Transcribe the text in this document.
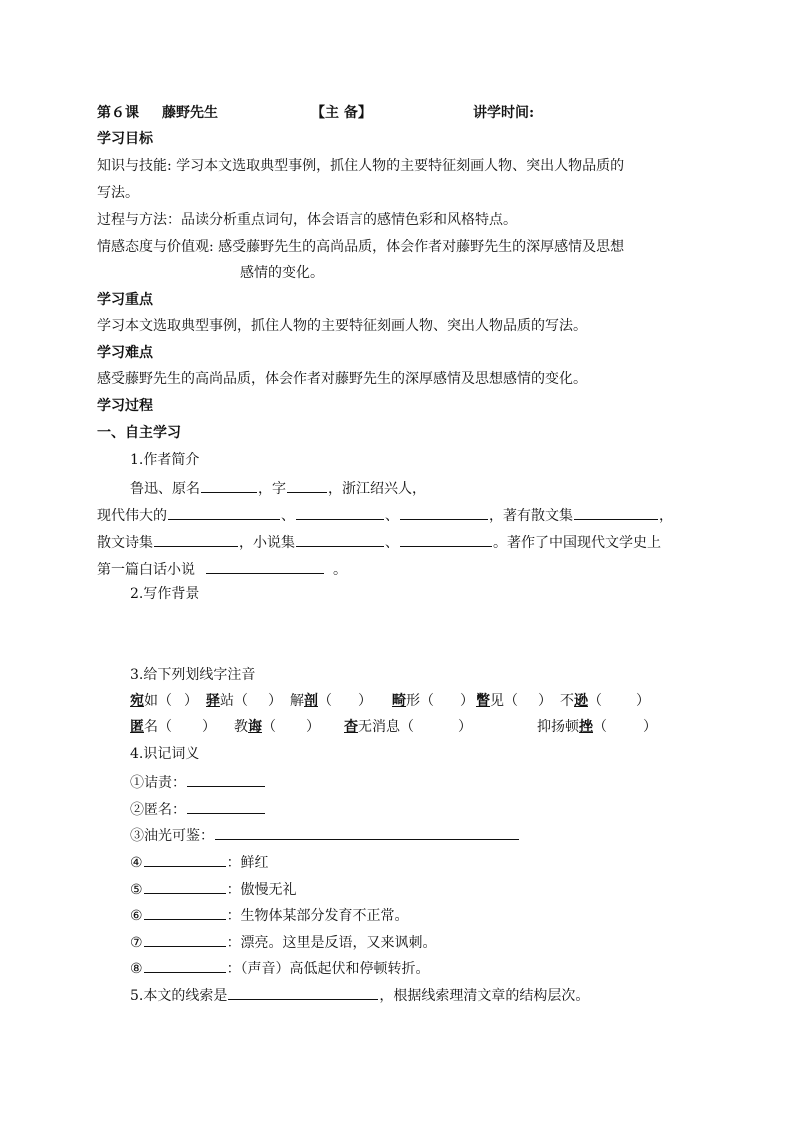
第６课 藤野先生	【主 备】	讲学时间:
学习目标
知识与技能: 学习本文选取典型事例，抓住人物的主要特征刻画人物、突出人物品质的
写法。
过程与方法：品读分析重点词句，体会语言的感情色彩和风格特点。
情感态度与价值观: 感受藤野先生的高尚品质，体会作者对藤野先生的深厚感情及思想
感情的变化。
学习重点
学习本文选取典型事例，抓住人物的主要特征刻画人物、突出人物品质的写法。
学习难点
感受藤野先生的高尚品质，体会作者对藤野先生的深厚感情及思想感情的变化。
学习过程
一、自主学习
1.作者简介
鲁迅、原名	，字	，浙江绍兴人，
现代伟大的	、	、	，著有散文集	，
散文诗集	，小说集	、	。著作了中国现代文学史上
第一篇白话小说	。
2.写作背景
3.给下列划线字注音
宛如（ ） 驿站（ ） 解剖（ ） 畸形（ ） 瞥见（ ） 不逊（ ）
匿名（ ） 教诲（ ） 杳无消息（	）	抑扬顿挫（	）
4.识记词义
①诘责：
②匿名：
③油光可鉴：
④	：鲜红
⑤	：傲慢无礼
⑥	：生物体某部分发育不正常。
⑦	：漂亮。这里是反语，又来讽刺。
⑧	：（声音）高低起伏和停顿转折。
5.本文的线索是	，根据线索理清文章的结构层次。
